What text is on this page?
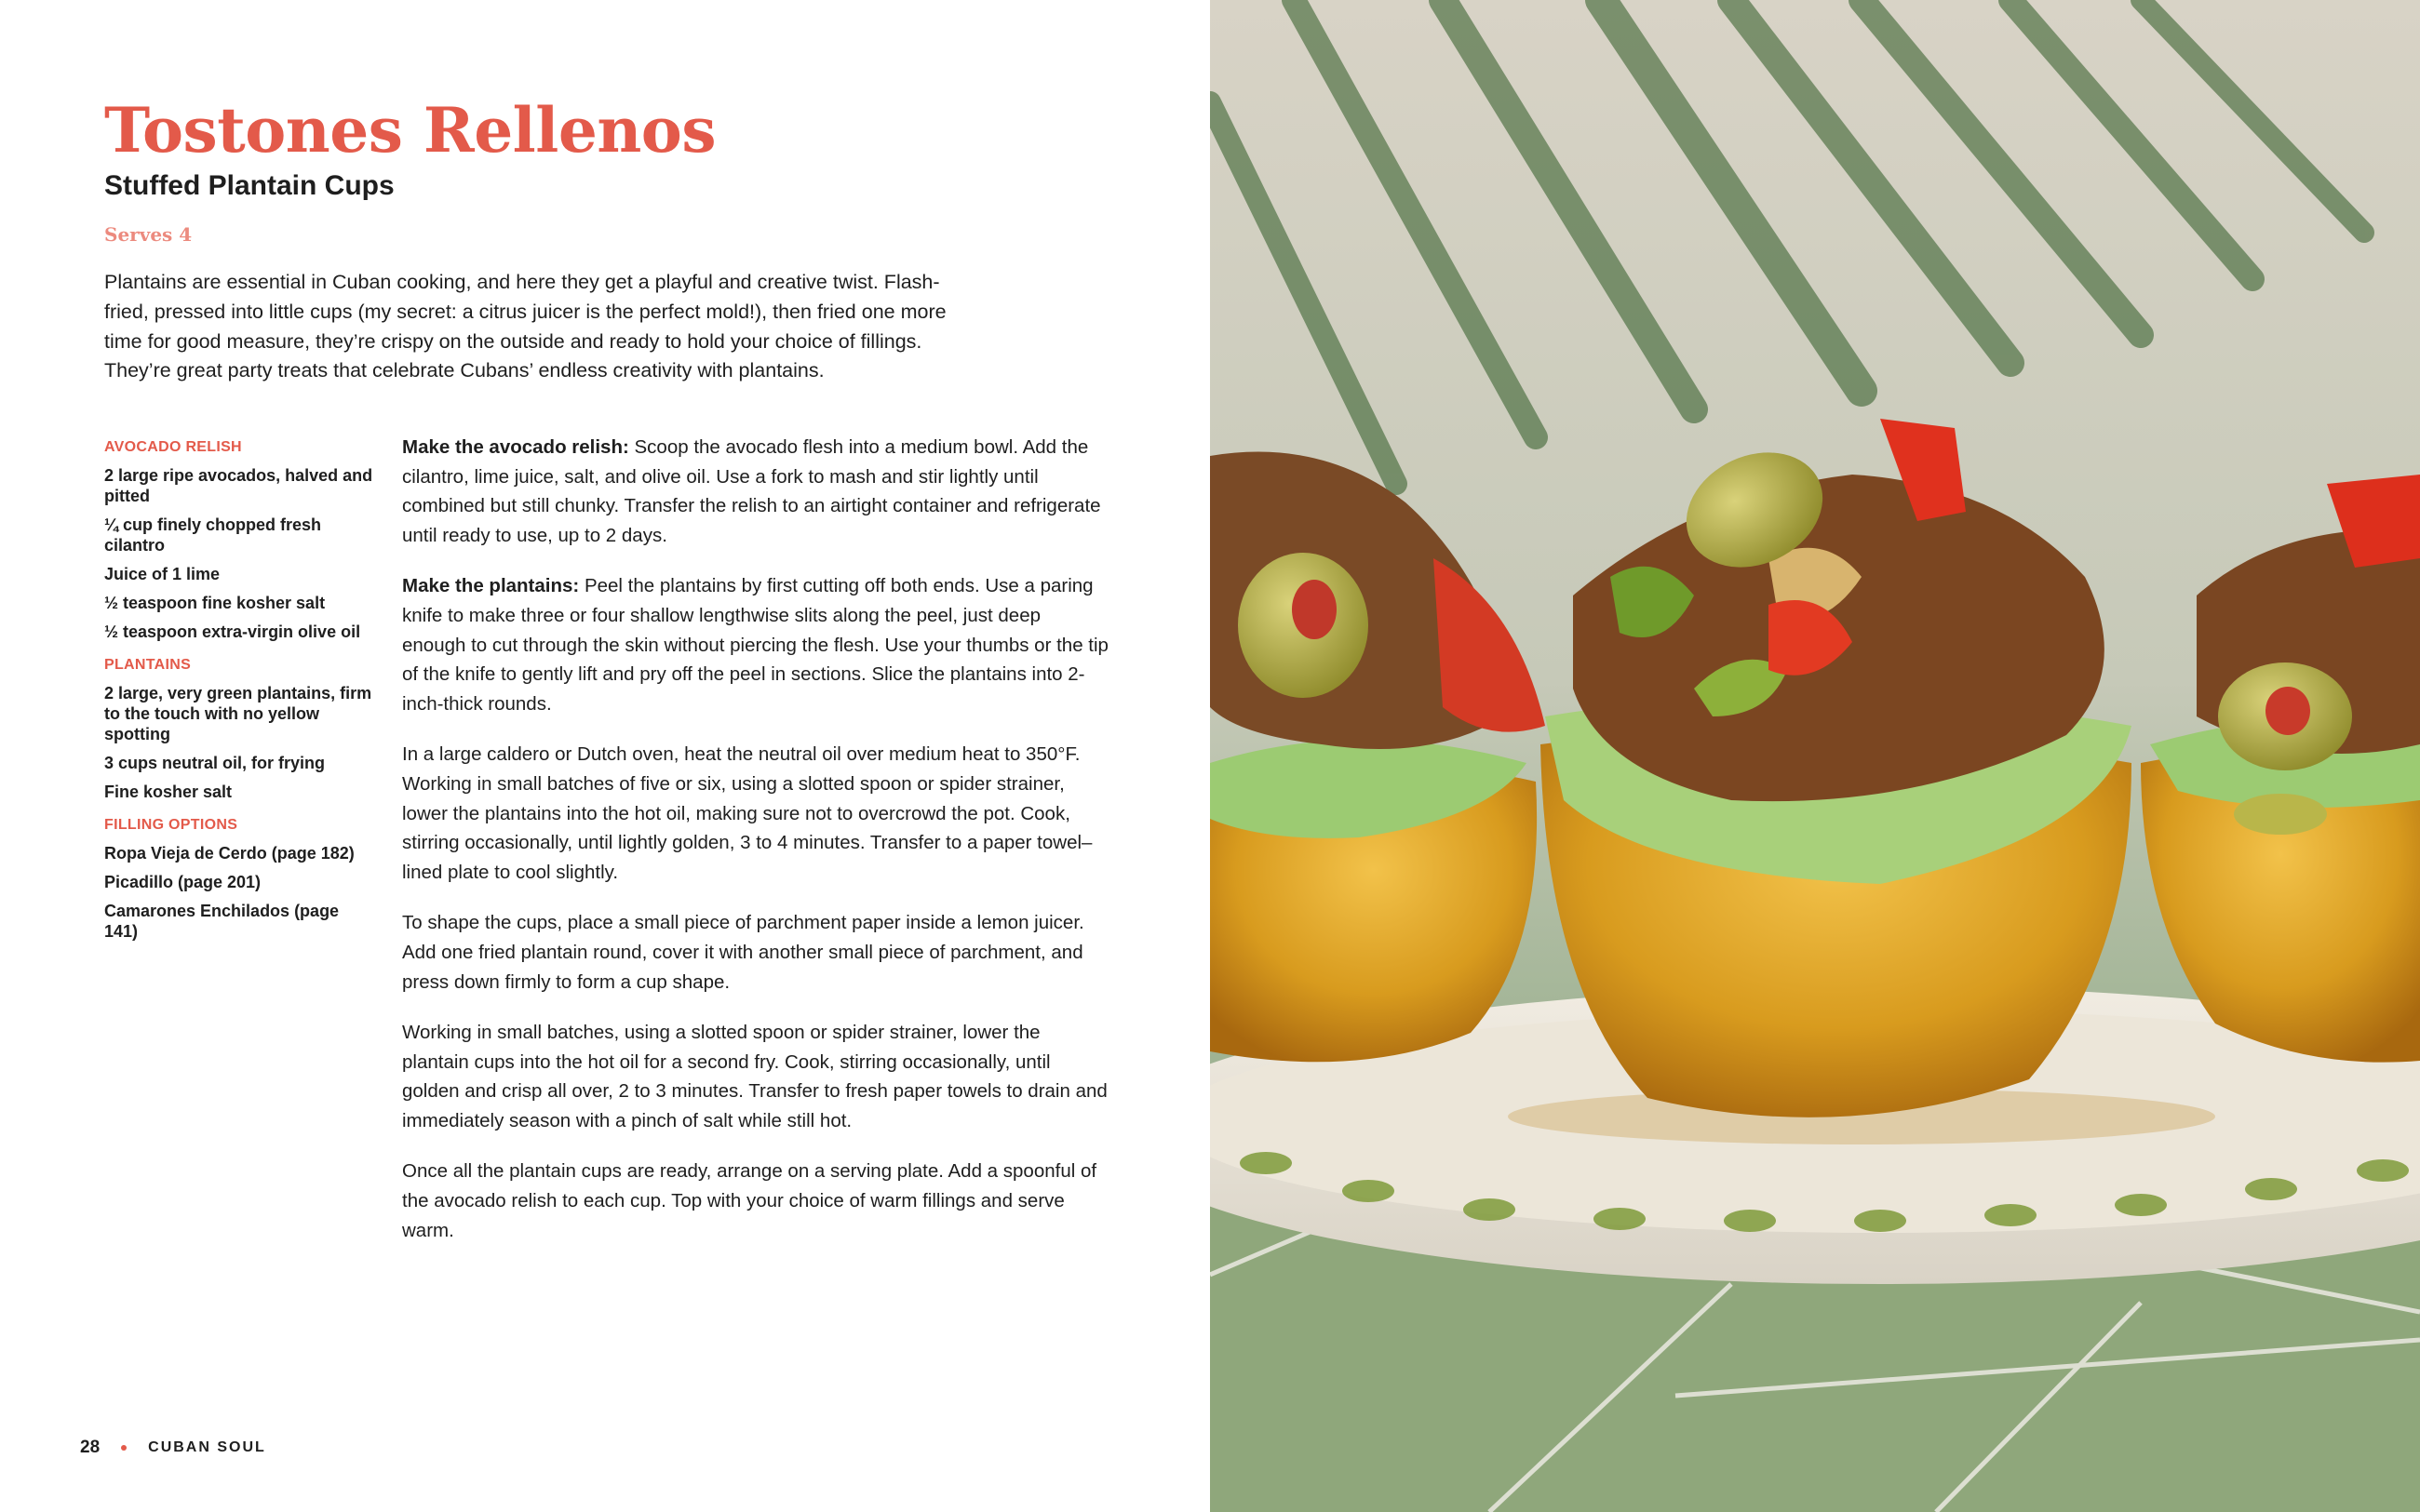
Tostones Rellenos
Stuffed Plantain Cups
Serves 4

Plantains are essential in Cuban cooking, and here they get a playful and creative twist. Flash-fried, pressed into little cups (my secret: a citrus juicer is the perfect mold!), then fried one more time for good measure, they’re crispy on the outside and ready to hold your choice of fillings. They’re great party treats that celebrate Cubans’ endless creativity with plantains.

AVOCADO RELISH
2 large ripe avocados, halved and pitted
¼ cup finely chopped fresh cilantro
Juice of 1 lime
½ teaspoon fine kosher salt
½ teaspoon extra-virgin olive oil
PLANTAINS
2 large, very green plantains, firm to the touch with no yellow spotting
3 cups neutral oil, for frying
Fine kosher salt
FILLING OPTIONS
Ropa Vieja de Cerdo (page 182)
Picadillo (page 201)
Camarones Enchilados (page 141)

Make the avocado relish: Scoop the avocado flesh into a medium bowl. Add the cilantro, lime juice, salt, and olive oil. Use a fork to mash and stir lightly until combined but still chunky. Transfer the relish to an airtight container and refrigerate until ready to use, up to 2 days.

Make the plantains: Peel the plantains by first cutting off both ends. Use a paring knife to make three or four shallow lengthwise slits along the peel, just deep enough to cut through the skin without piercing the flesh. Use your thumbs or the tip of the knife to gently lift and pry off the peel in sections. Slice the plantains into 2-inch-thick rounds.

In a large caldero or Dutch oven, heat the neutral oil over medium heat to 350°F. Working in small batches of five or six, using a slotted spoon or spider strainer, lower the plantains into the hot oil, making sure not to overcrowd the pot. Cook, stirring occasionally, until lightly golden, 3 to 4 minutes. Transfer to a paper towel–lined plate to cool slightly.

To shape the cups, place a small piece of parchment paper inside a lemon juicer. Add one fried plantain round, cover it with another small piece of parchment, and press down firmly to form a cup shape.

Working in small batches, using a slotted spoon or spider strainer, lower the plantain cups into the hot oil for a second fry. Cook, stirring occasionally, until golden and crisp all over, 2 to 3 minutes. Transfer to fresh paper towels to drain and immediately season with a pinch of salt while still hot.

Once all the plantain cups are ready, arrange on a serving plate. Add a spoonful of the avocado relish to each cup. Top with your choice of warm fillings and serve warm.

28	CUBAN SOUL
